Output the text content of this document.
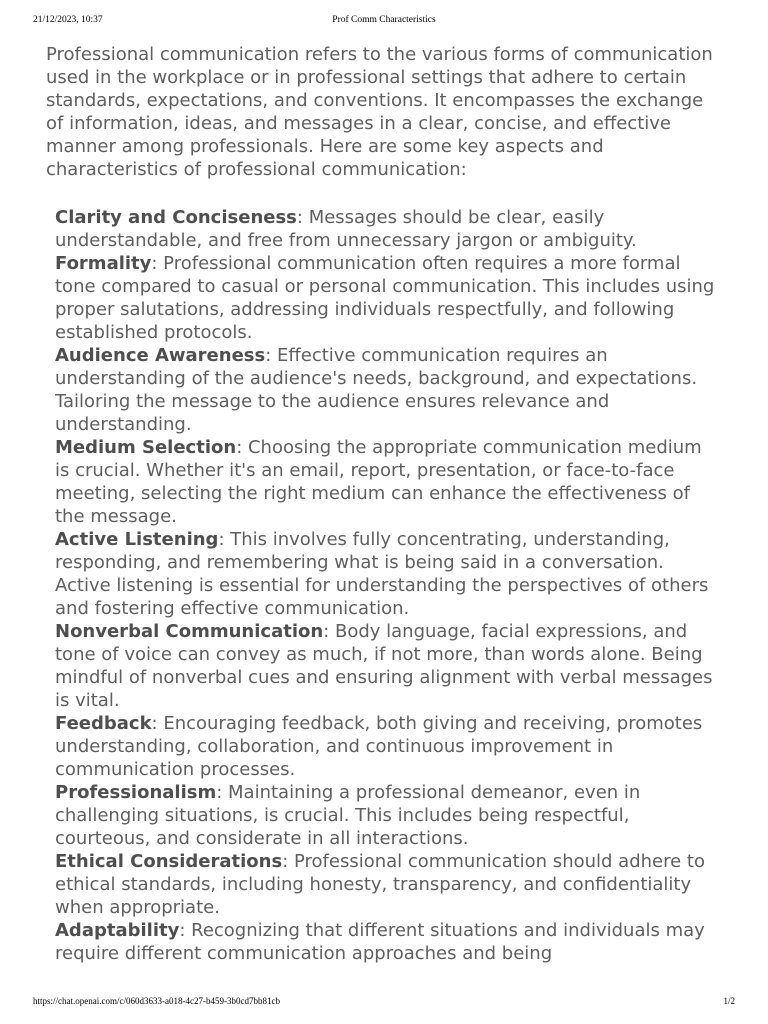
21/12/2023, 10:37	Prof Comm Characteristics

Professional communication refers to the various forms of communication used in the workplace or in professional settings that adhere to certain standards, expectations, and conventions. It encompasses the exchange of information, ideas, and messages in a clear, concise, and effective manner among professionals. Here are some key aspects and characteristics of professional communication:

Clarity and Conciseness: Messages should be clear, easily understandable, and free from unnecessary jargon or ambiguity.
Formality: Professional communication often requires a more formal tone compared to casual or personal communication. This includes using proper salutations, addressing individuals respectfully, and following established protocols.
Audience Awareness: Effective communication requires an understanding of the audience's needs, background, and expectations. Tailoring the message to the audience ensures relevance and understanding.
Medium Selection: Choosing the appropriate communication medium is crucial. Whether it's an email, report, presentation, or face-to-face meeting, selecting the right medium can enhance the effectiveness of the message.
Active Listening: This involves fully concentrating, understanding, responding, and remembering what is being said in a conversation. Active listening is essential for understanding the perspectives of others and fostering effective communication.
Nonverbal Communication: Body language, facial expressions, and tone of voice can convey as much, if not more, than words alone. Being mindful of nonverbal cues and ensuring alignment with verbal messages is vital.
Feedback: Encouraging feedback, both giving and receiving, promotes understanding, collaboration, and continuous improvement in communication processes.
Professionalism: Maintaining a professional demeanor, even in challenging situations, is crucial. This includes being respectful, courteous, and considerate in all interactions.
Ethical Considerations: Professional communication should adhere to ethical standards, including honesty, transparency, and confidentiality when appropriate.
Adaptability: Recognizing that different situations and individuals may require different communication approaches and being
https://chat.openai.com/c/060d3633-a018-4c27-b459-3b0cd7bb81cb	1/2
